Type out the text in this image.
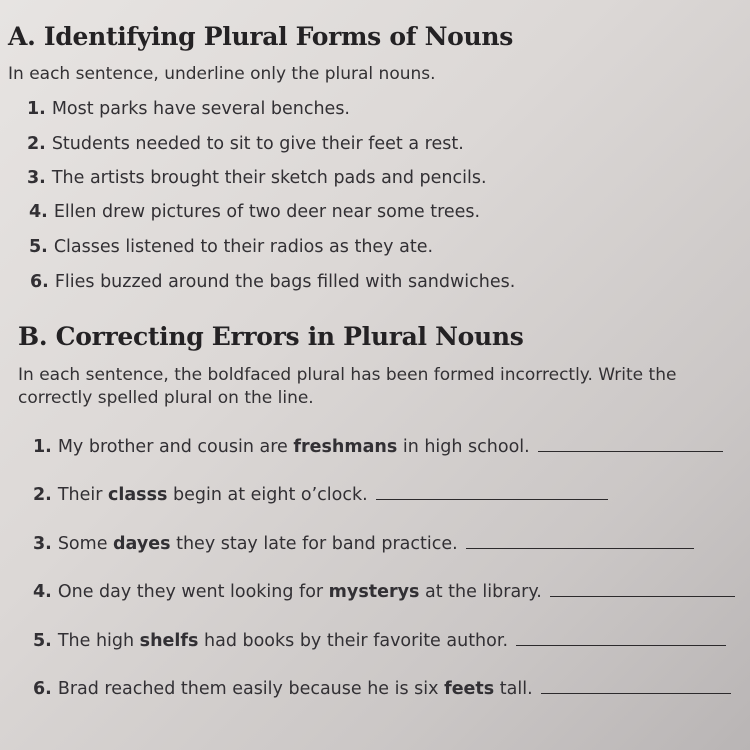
A. Identifying Plural Forms of Nouns
In each sentence, underline only the plural nouns.
1. Most parks have several benches.
2. Students needed to sit to give their feet a rest.
3. The artists brought their sketch pads and pencils.
4. Ellen drew pictures of two deer near some trees.
5. Classes listened to their radios as they ate.
6. Flies buzzed around the bags filled with sandwiches.
B. Correcting Errors in Plural Nouns
In each sentence, the boldfaced plural has been formed incorrectly. Write the
correctly spelled plural on the line.
1. My brother and cousin are freshmans in high school.
2. Their classs begin at eight o’clock.
3. Some dayes they stay late for band practice.
4. One day they went looking for mysterys at the library.
5. The high shelfs had books by their favorite author.
6. Brad reached them easily because he is six feets tall.
